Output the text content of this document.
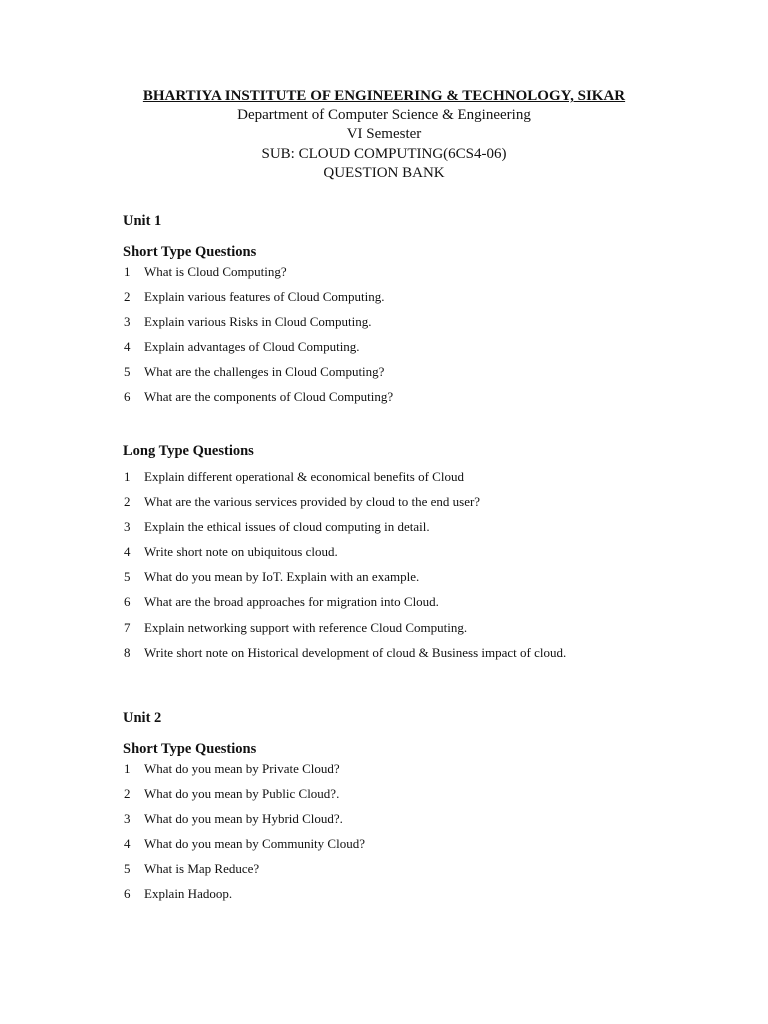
BHARTIYA INSTITUTE OF ENGINEERING & TECHNOLOGY, SIKAR
Department of Computer Science & Engineering
VI Semester
SUB: CLOUD COMPUTING(6CS4-06)
QUESTION BANK
Unit 1
Short Type Questions
1	What is Cloud Computing?
2	Explain various features of Cloud Computing.
3	Explain various Risks in Cloud Computing.
4	Explain advantages of Cloud Computing.
5	What are the challenges in Cloud Computing?
6	What are the components of Cloud Computing?
Long Type Questions
1	Explain different operational & economical benefits of Cloud
2	What are the various services provided by cloud to the end user?
3	Explain the ethical issues of cloud computing in detail.
4	Write short note on ubiquitous cloud.
5	What do you mean by IoT. Explain with an example.
6	What are the broad approaches for migration into Cloud.
7	Explain networking support with reference Cloud Computing.
8	Write short note on Historical development of cloud & Business impact of cloud.
Unit 2
Short Type Questions
1	What do you mean by Private Cloud?
2	What do you mean by Public Cloud?.
3	What do you mean by Hybrid Cloud?.
4	What do you mean by Community Cloud?
5	What is Map Reduce?
6	Explain Hadoop.
